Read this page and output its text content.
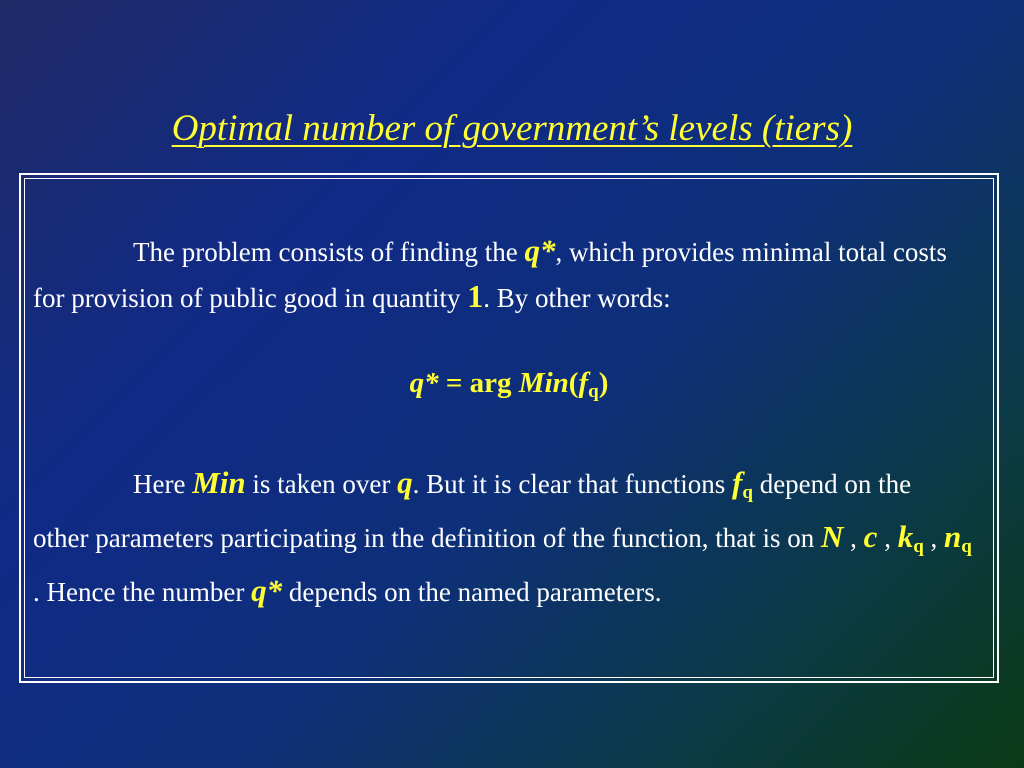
Optimal number of government’s levels (tiers)

The problem consists of finding the q*, which provides minimal total costs for provision of public good in quantity 1. By other words:

q* = arg $Min(f_q)$

Here Min is taken over q. But it is clear that functions $f_q$ depend on the other parameters participating in the definition of the function, that is on N , c , $k_q$ , $n_q$ . Hence the number q* depends on the named parameters.
